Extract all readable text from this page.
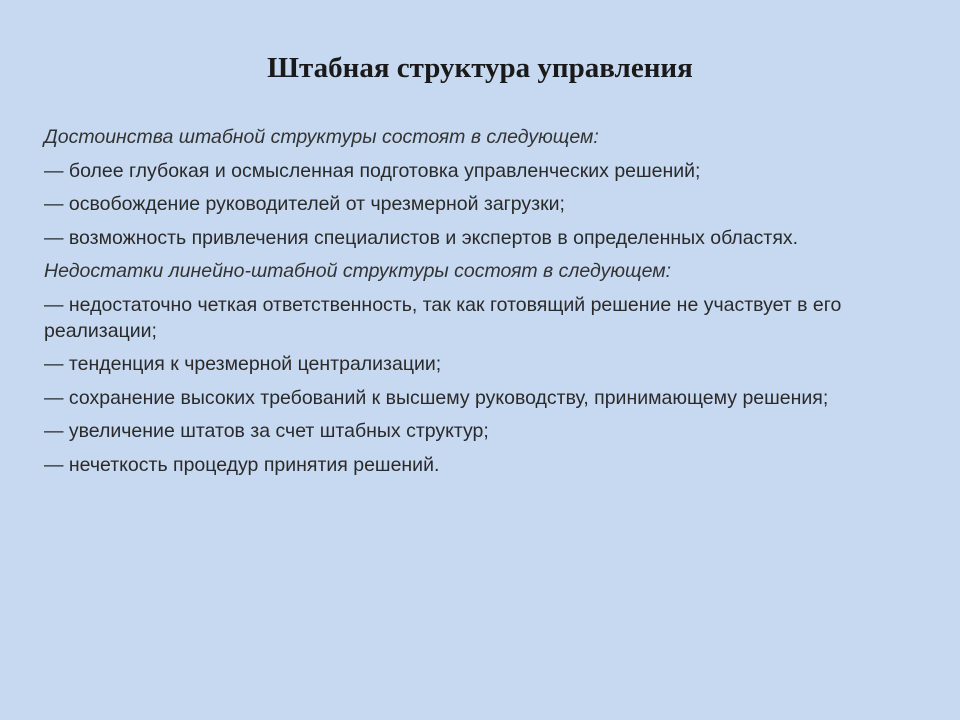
Штабная структура управления

Достоинства штабной структуры состоят в следующем:

— более глубокая и осмысленная подготовка управленческих решений;

— освобождение руководителей от чрезмерной загрузки;

— возможность привлечения специалистов и экспертов в определенных областях.

Недостатки линейно-штабной структуры состоят в следующем:

— недостаточно четкая ответственность, так как готовящий решение не участвует в его реализации;

— тенденция к чрезмерной централизации;

— сохранение высоких требований к высшему руководству, принимающему решения;

— увеличение штатов за счет штабных структур;

— нечеткость процедур принятия решений.
